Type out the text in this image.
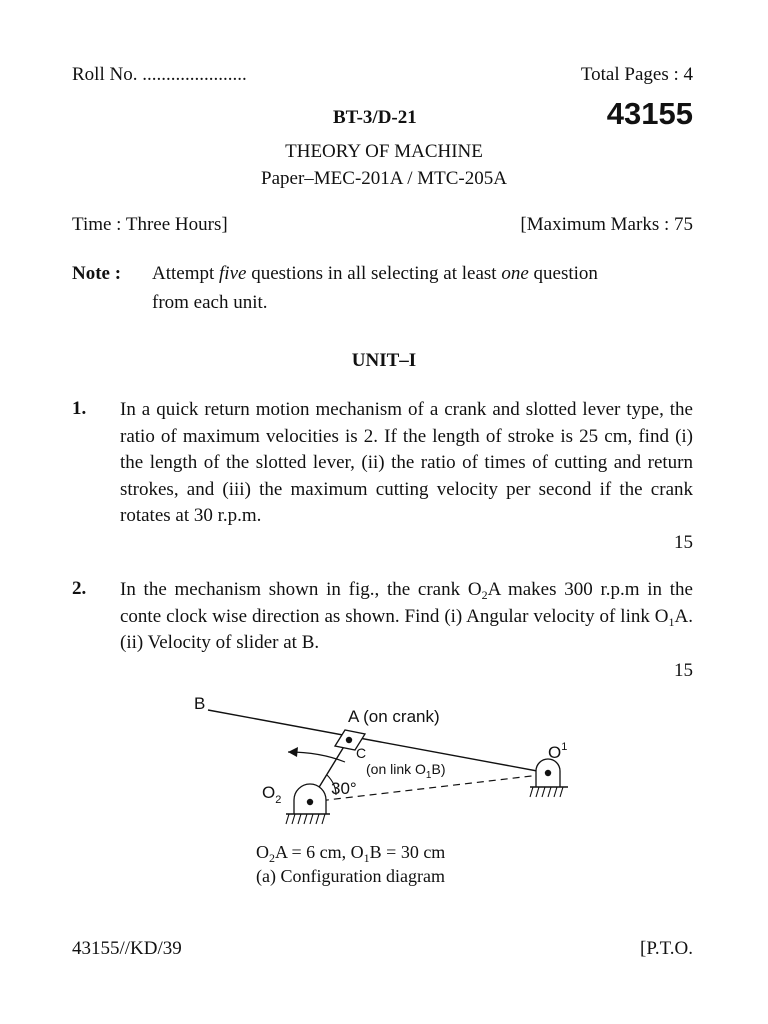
Roll No. ......................	Total Pages : 4
BT-3/D-21	43155
THEORY OF MACHINE
Paper–MEC-201A / MTC-205A
Time : Three Hours]	[Maximum Marks : 75
Note : Attempt five questions in all selecting at least one question
from each unit.
UNIT–I
1. In a quick return motion mechanism of a crank and slotted lever type, the ratio of maximum velocities is 2. If the length of stroke is 25 cm, find (i) the length of the slotted lever, (ii) the ratio of times of cutting and return strokes, and (iii) the maximum cutting velocity per second if the crank rotates at 30 r.p.m.
15
2. In the mechanism shown in fig., the crank $O_2A$ makes 300 r.p.m in the conte clock wise direction as shown. Find (i) Angular velocity of link $O_1A$. (ii) Velocity of slider at B.
15
B
A (on crank)
C
(on link $O_1B$)
$O^1$
$O_2$
30°
$O_2A = 6$ cm, $O_1B = 30$ cm
(a) Configuration diagram
43155//KD/39	[P.T.O.
